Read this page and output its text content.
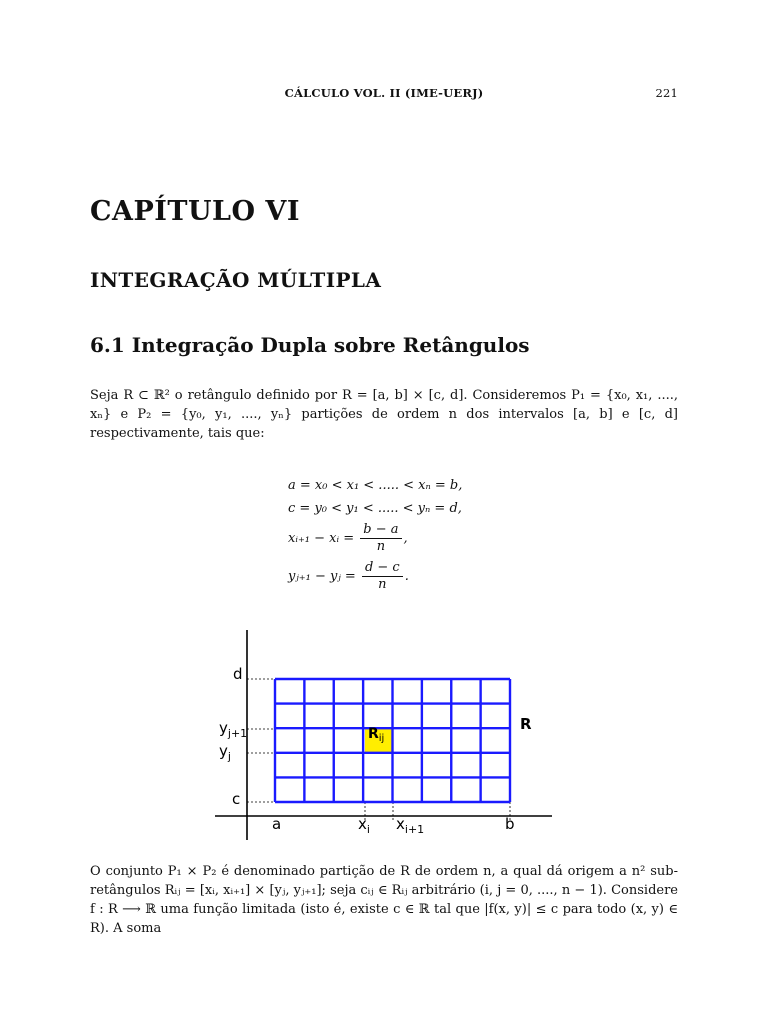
CÁLCULO VOL. II (IME-UERJ)	221
CAPÍTULO VI
INTEGRAÇÃO MÚLTIPLA
6.1 Integração Dupla sobre Retângulos

Seja R ⊂ ℝ² o retângulo definido por R = [a, b] × [c, d]. Consideremos P₁ = {x₀, x₁, ...., xₙ} e P₂ = {y₀, y₁, ...., yₙ} partições de ordem n dos intervalos [a, b] e [c, d] respectivamente, tais que:

a = x₀ < x₁ < ..... < xₙ = b,
c = y₀ < y₁ < ..... < yₙ = d,
xᵢ₊₁ − xᵢ = $\frac{b - a}{n}$ ,
yⱼ₊₁ − yⱼ = $\frac{d - c}{n}$ .
d
$y_{j+1}$
$y_j$
c
a	$x_i$ $x_{i+1}$	b
R
$R_{ij}$

O conjunto P₁ × P₂ é denominado partição de R de ordem n, a qual dá origem a n² sub-retângulos Rᵢⱼ = [xᵢ, xᵢ₊₁] × [yⱼ, yⱼ₊₁]; seja cᵢⱼ ∈ Rᵢⱼ arbitrário (i, j = 0, ...., n − 1). Considere f : R ⟶ ℝ uma função limitada (isto é, existe c ∈ ℝ tal que |f(x, y)| ≤ c para todo (x, y) ∈ R). A soma
